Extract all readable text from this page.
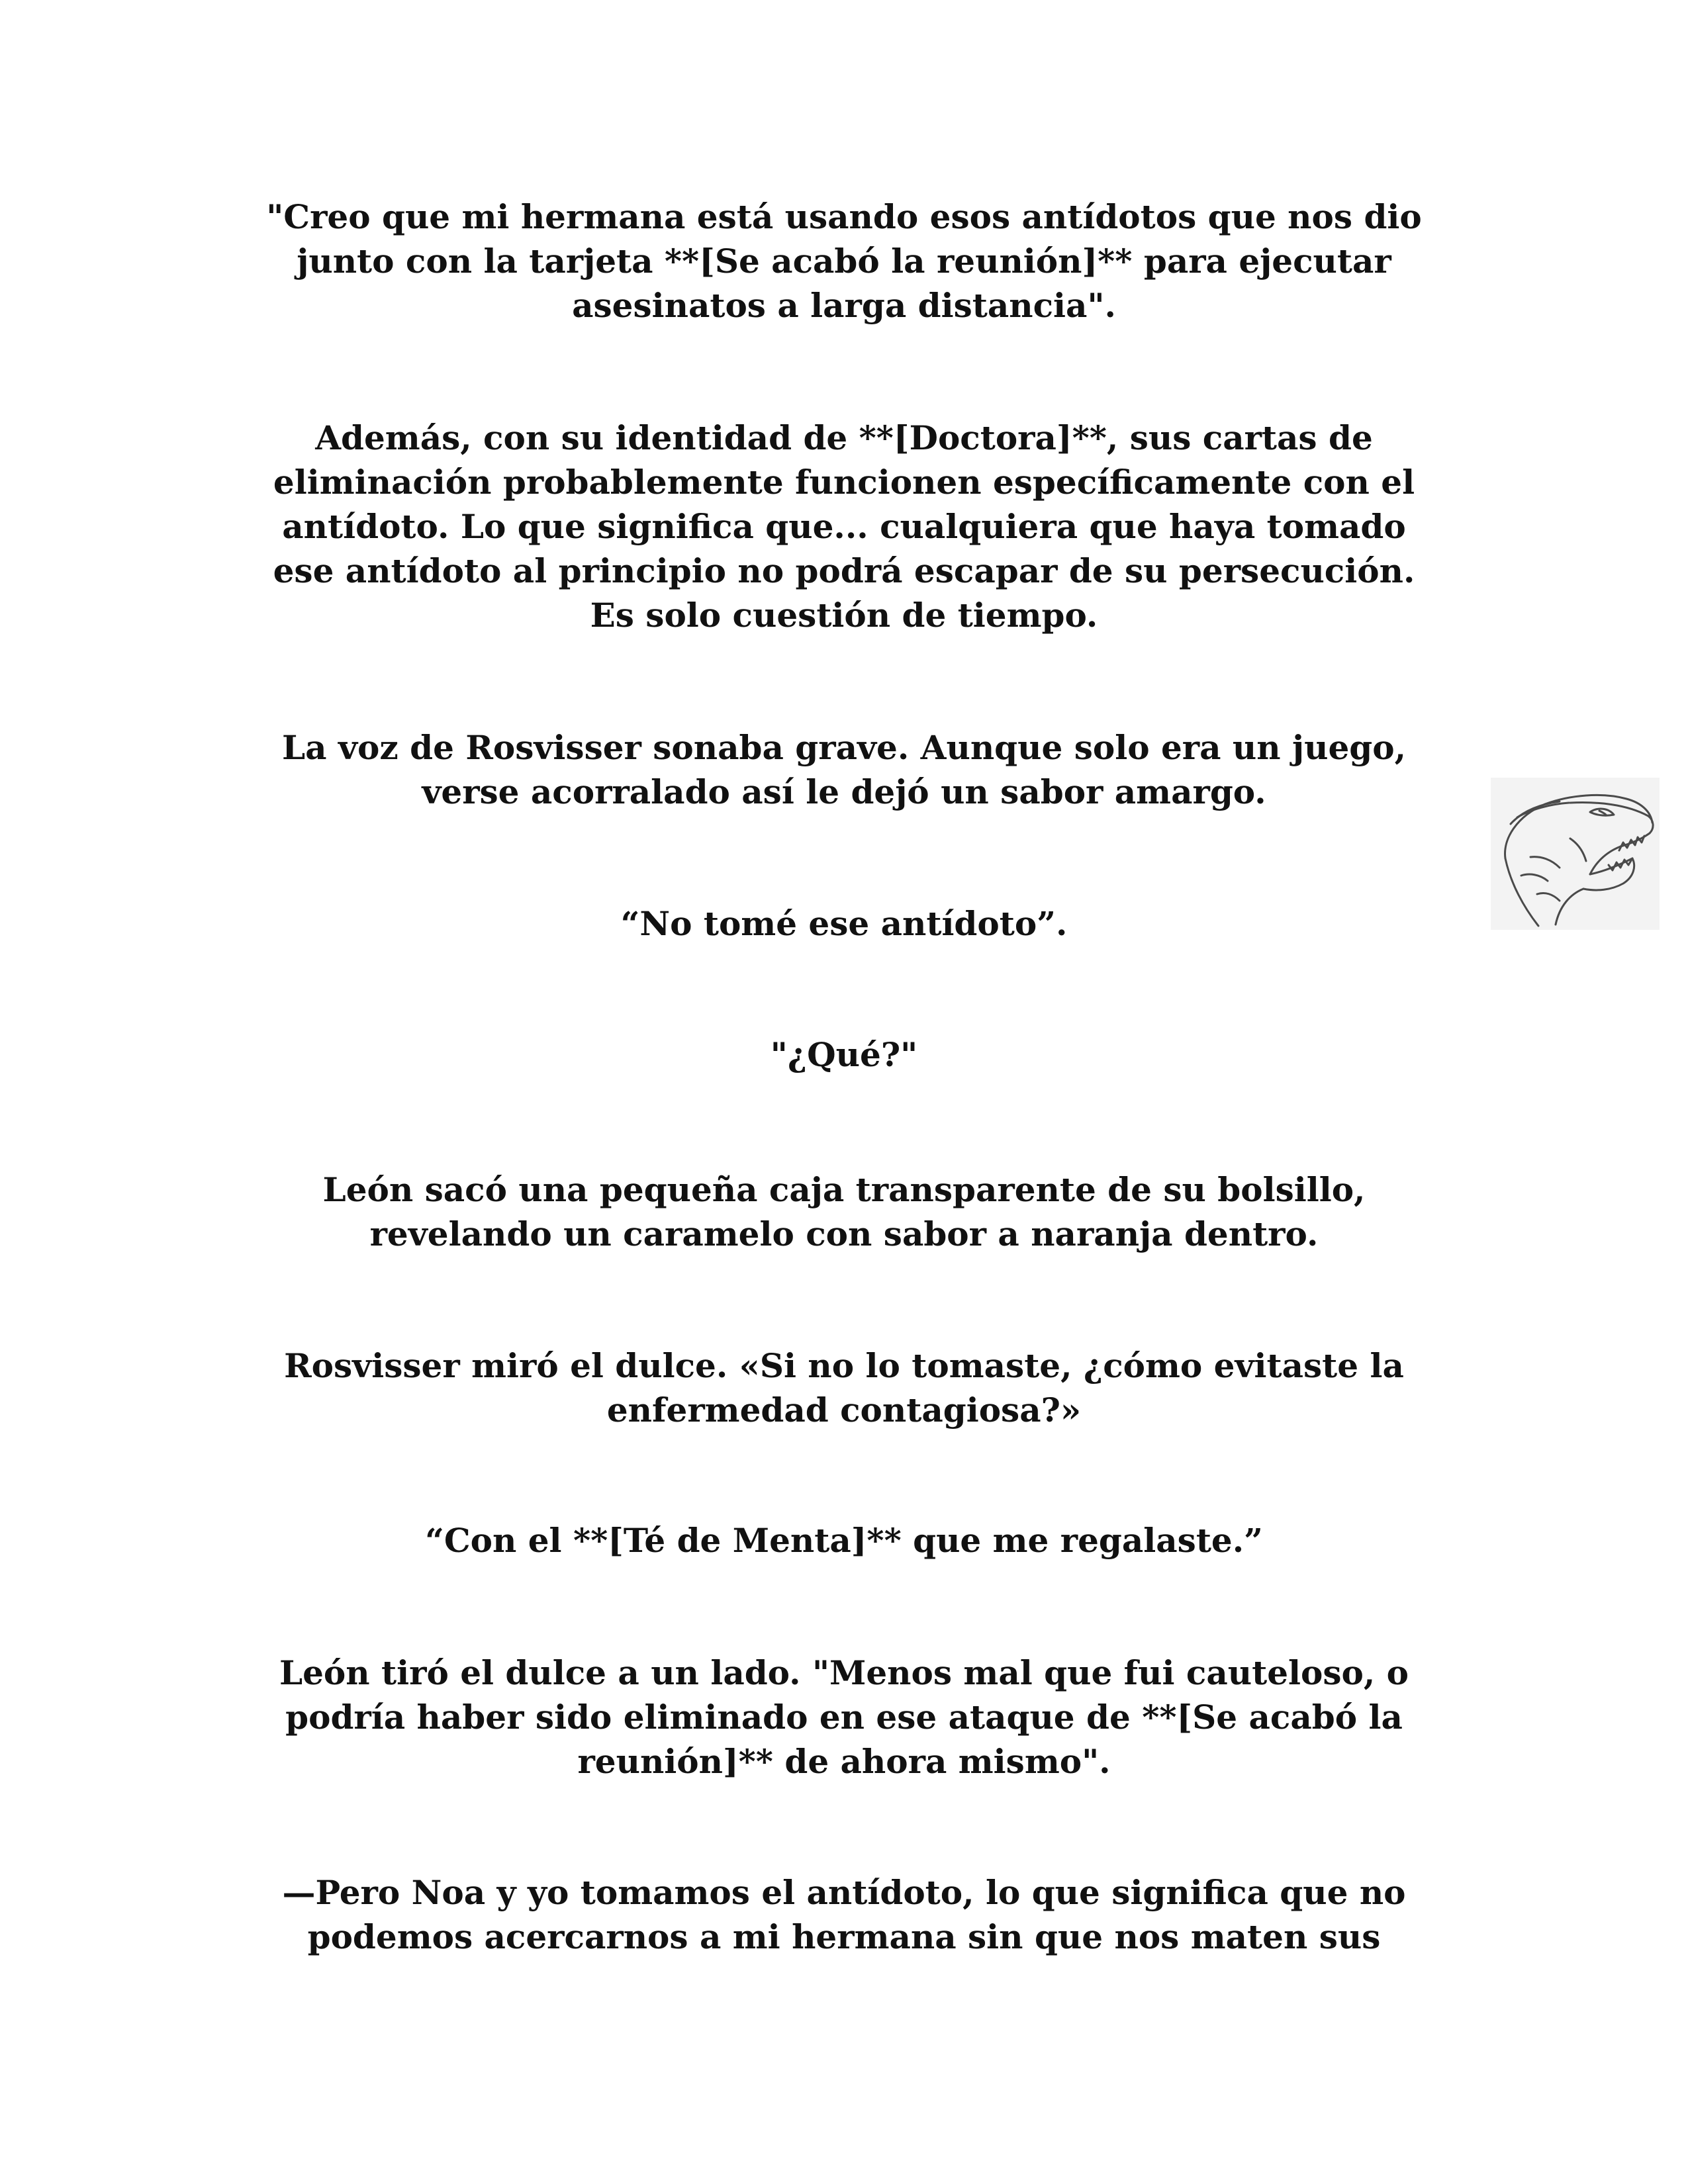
"Creo que mi hermana está usando esos antídotos que nos dio
junto con la tarjeta **[Se acabó la reunión]** para ejecutar
asesinatos a larga distancia".

Además, con su identidad de **[Doctora]**, sus cartas de
eliminación probablemente funcionen específicamente con el
antídoto. Lo que significa que... cualquiera que haya tomado
ese antídoto al principio no podrá escapar de su persecución.
Es solo cuestión de tiempo.

La voz de Rosvisser sonaba grave. Aunque solo era un juego,
verse acorralado así le dejó un sabor amargo.

“No tomé ese antídoto”.

"¿Qué?"

León sacó una pequeña caja transparente de su bolsillo,
revelando un caramelo con sabor a naranja dentro.

Rosvisser miró el dulce. «Si no lo tomaste, ¿cómo evitaste la
enfermedad contagiosa?»

“Con el **[Té de Menta]** que me regalaste.”

León tiró el dulce a un lado. "Menos mal que fui cauteloso, o
podría haber sido eliminado en ese ataque de **[Se acabó la
reunión]** de ahora mismo".

—Pero Noa y yo tomamos el antídoto, lo que significa que no
podemos acercarnos a mi hermana sin que nos maten sus
